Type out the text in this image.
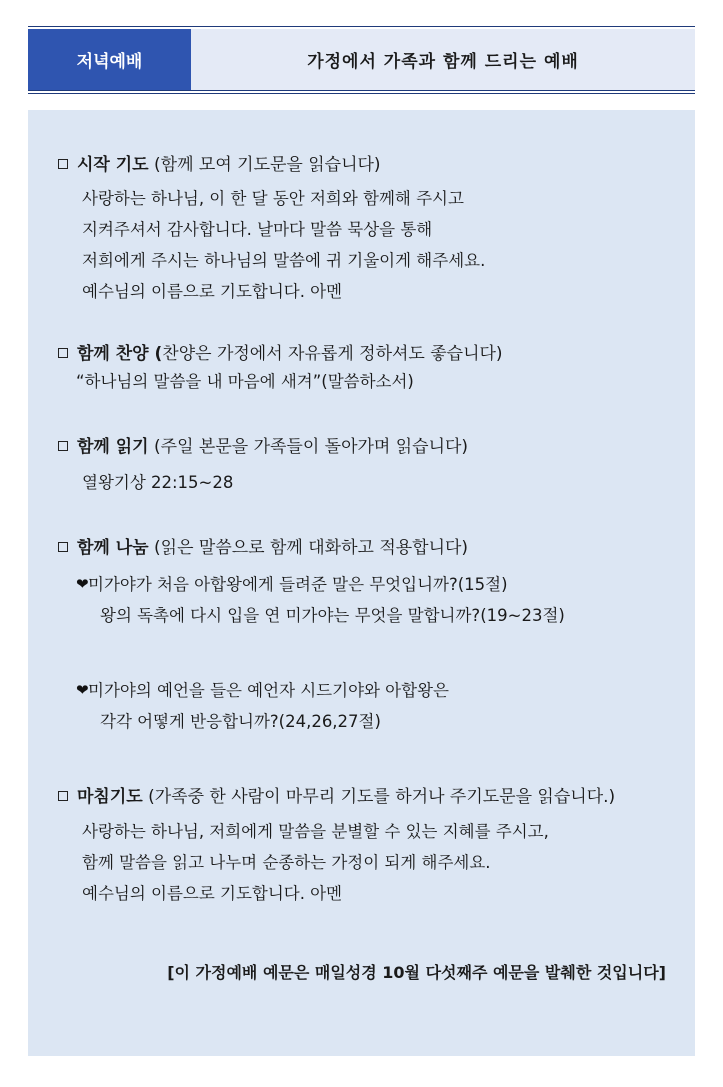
저녁예배	가정에서 가족과 함께 드리는 예배
시작 기도 (함께 모여 기도문을 읽습니다)
사랑하는 하나님, 이 한 달 동안 저희와 함께해 주시고
지켜주셔서 감사합니다. 날마다 말씀 묵상을 통해
저희에게 주시는 하나님의 말씀에 귀 기울이게 해주세요.
예수님의 이름으로 기도합니다. 아멘
함께 찬양 (찬양은 가정에서 자유롭게 정하셔도 좋습니다)
“하나님의 말씀을 내 마음에 새겨”(말씀하소서)
함께 읽기 (주일 본문을 가족들이 돌아가며 읽습니다)
열왕기상 22:15~28
함께 나눔 (읽은 말씀으로 함께 대화하고 적용합니다)
❤ 미가야가 처음 아합왕에게 들려준 말은 무엇입니까?(15절)
왕의 독촉에 다시 입을 연 미가야는 무엇을 말합니까?(19~23절)
❤ 미가야의 예언을 들은 예언자 시드기야와 아합왕은
각각 어떻게 반응합니까?(24,26,27절)
마침기도 (가족중 한 사람이 마무리 기도를 하거나 주기도문을 읽습니다.)
사랑하는 하나님, 저희에게 말씀을 분별할 수 있는 지혜를 주시고,
함께 말씀을 읽고 나누며 순종하는 가정이 되게 해주세요.
예수님의 이름으로 기도합니다. 아멘
[이 가정예배 예문은 매일성경 10월 다섯째주 예문을 발췌한 것입니다]
